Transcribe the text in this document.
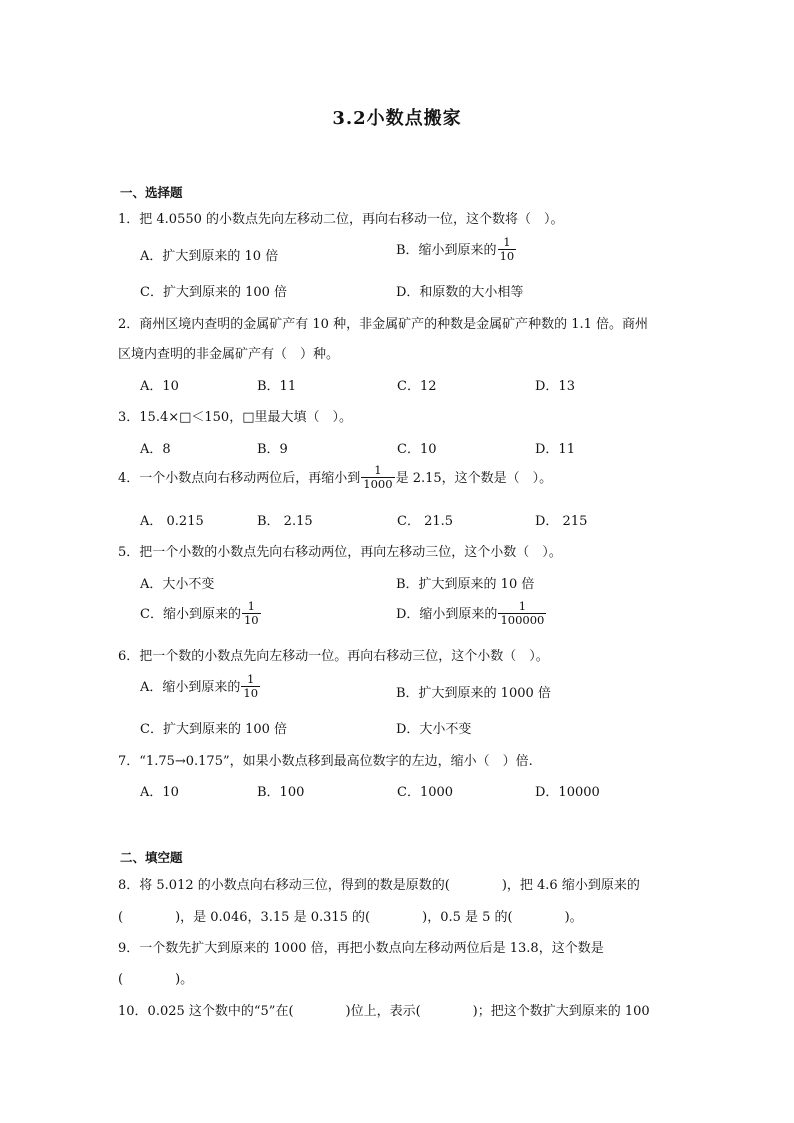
3.2小数点搬家
一、选择题
1．把 4.0550 的小数点先向左移动二位，再向右移动一位，这个数将（　）。
A．扩大到原来的 10 倍	B．缩小到原来的 $\frac{1}{10}$
C．扩大到原来的 100 倍	D．和原数的大小相等
2．商州区境内查明的金属矿产有 10 种，非金属矿产的种数是金属矿产种数的 1.1 倍。商州
区境内查明的非金属矿产有（　）种。
A．10	B．11	C．12	D．13
3．15.4×□＜150，□里最大填（　）。
A．8	B．9	C．10	D．11
4．一个小数点向右移动两位后，再缩小到 $\frac{1}{1000}$ 是 2.15，这个数是（　）。
A． 0.215	B． 2.15	C． 21.5	D． 215
5．把一个小数的小数点先向右移动两位，再向左移动三位，这个小数（　）。
A．大小不变	B．扩大到原来的 10 倍
C．缩小到原来的 $\frac{1}{10}$	D．缩小到原来的 $\frac{1}{100000}$
6．把一个数的小数点先向左移动一位。再向右移动三位，这个小数（　）。
A．缩小到原来的 $\frac{1}{10}$	B．扩大到原来的 1000 倍
C．扩大到原来的 100 倍	D．大小不变
7．“1.75→0.175”，如果小数点移到最高位数字的左边，缩小（　）倍.
A．10	B．100	C．1000	D．10000
二、填空题
8．将 5.012 的小数点向右移动三位，得到的数是原数的(　　　　)，把 4.6 缩小到原来的
(　　　　)，是 0.046，3.15 是 0.315 的(　　　　)，0.5 是 5 的(　　　　)。
9．一个数先扩大到原来的 1000 倍，再把小数点向左移动两位后是 13.8，这个数是
(　　　　)。
10．0.025 这个数中的“5”在(　　　　)位上，表示(　　　　)；把这个数扩大到原来的 100
